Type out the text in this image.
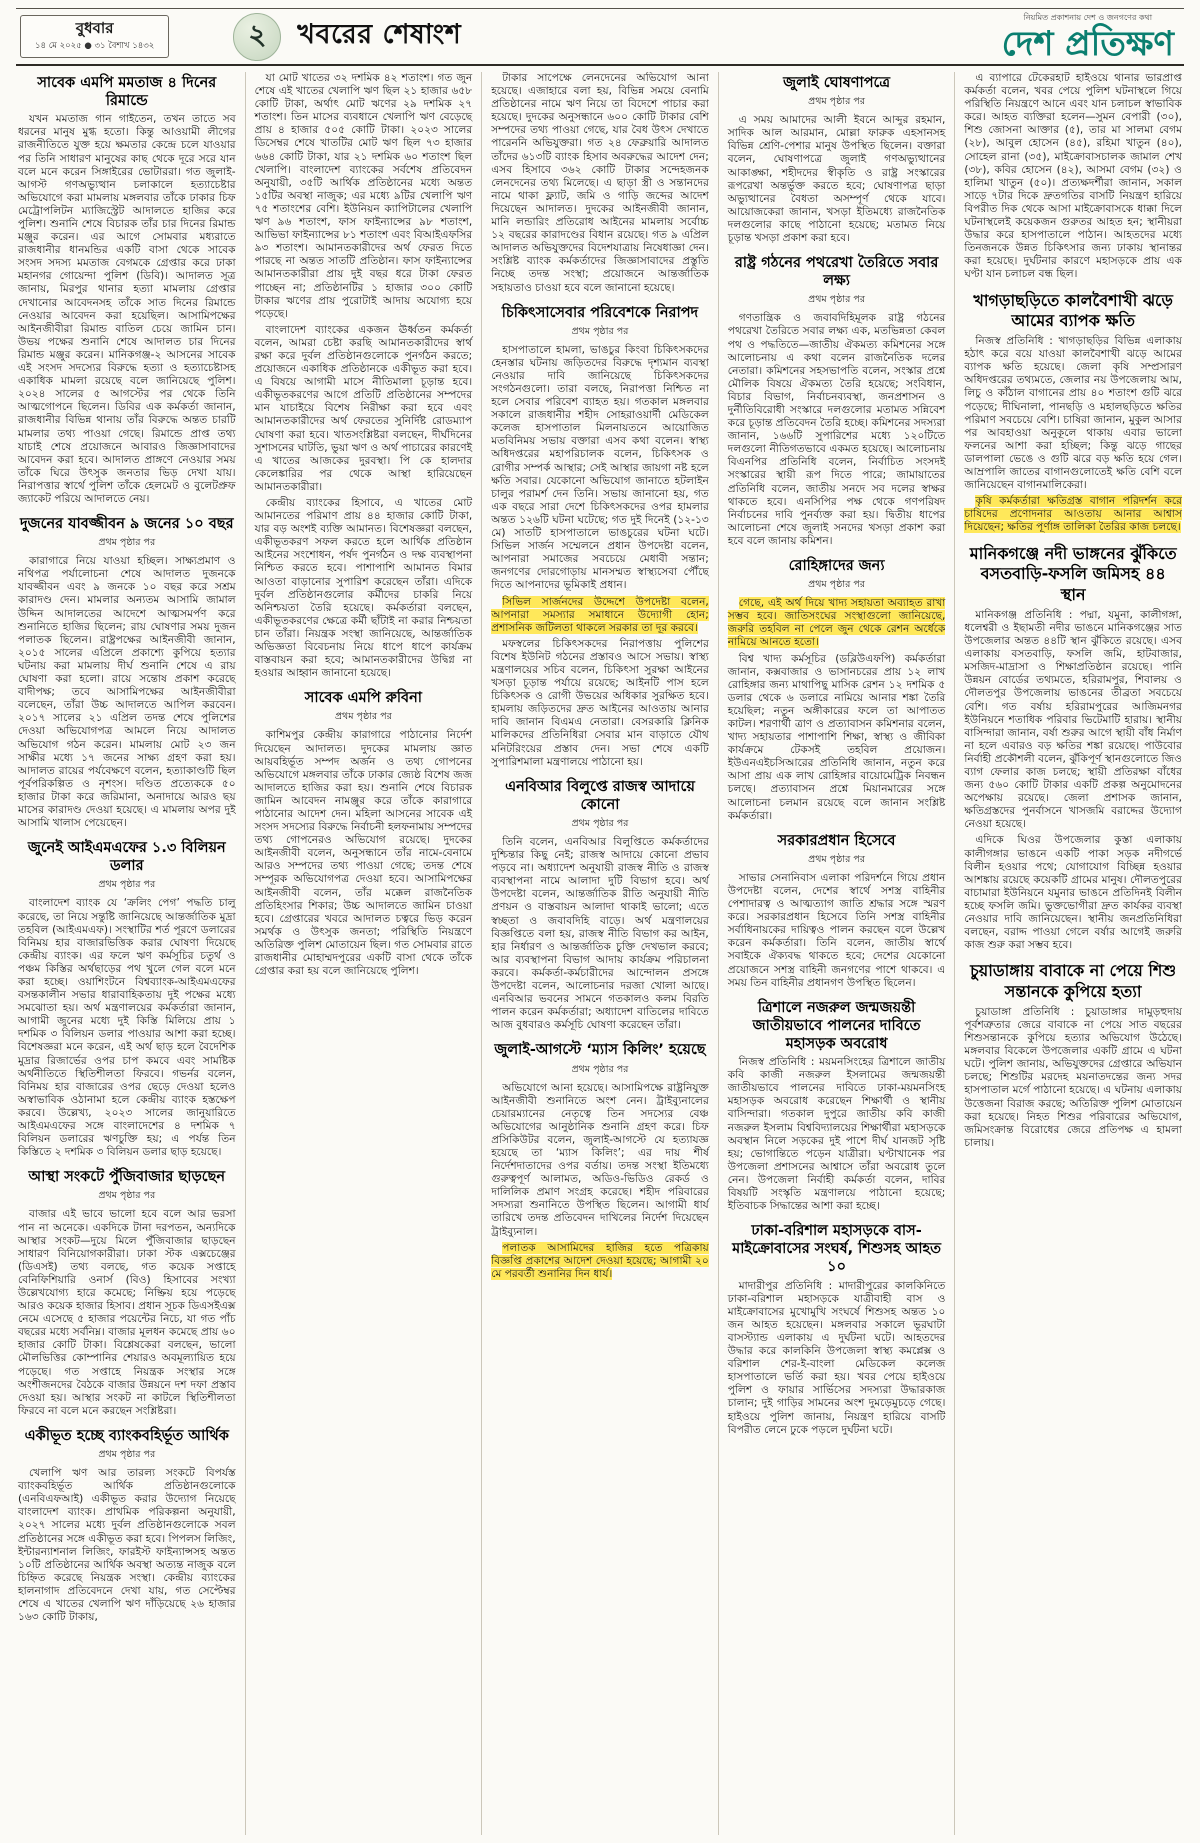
বুধবার
১৪ মে ২০২৫ ● ৩১ বৈশাখ ১৪৩২	২ খবরের শেষাংশ
নিয়মিত প্রকাশনায় দেশ ও জনগণের কথা
দেশ প্রতিক্ষণ
সাবেক এমপি মমতাজ ৪ দিনের রিমান্ডে

যখন মমতাজ গান গাইতেন, তখন তাতে সব ধরনের মানুষ মুগ্ধ হতো। কিন্তু আওয়ামী লীগের রাজনীতিতে যুক্ত হয়ে ক্ষমতার কেন্দ্রে চলে যাওয়ার পর তিনি সাধারণ মানুষের কাছ থেকে দূরে সরে যান বলে মনে করেন সিঙ্গাইরের ভোটাররা। গত জুলাই-আগস্ট গণঅভ্যুত্থান চলাকালে হত্যাচেষ্টার অভিযোগে করা মামলায় মঙ্গলবার তাঁকে ঢাকার চিফ মেট্রোপলিটন ম্যাজিস্ট্রেট আদালতে হাজির করে পুলিশ। শুনানি শেষে বিচারক তাঁর চার দিনের রিমান্ড মঞ্জুর করেন। এর আগে সোমবার মধ্যরাতে রাজধানীর ধানমন্ডির একটি বাসা থেকে সাবেক সংসদ সদস্য মমতাজ বেগমকে গ্রেপ্তার করে ঢাকা মহানগর গোয়েন্দা পুলিশ (ডিবি)। আদালত সূত্র জানায়, মিরপুর থানার হত্যা মামলায় গ্রেপ্তার দেখানোর আবেদনসহ তাঁকে সাত দিনের রিমান্ডে নেওয়ার আবেদন করা হয়েছিল। আসামিপক্ষের আইনজীবীরা রিমান্ড বাতিল চেয়ে জামিন চান। উভয় পক্ষের শুনানি শেষে আদালত চার দিনের রিমান্ড মঞ্জুর করেন। মানিকগঞ্জ-২ আসনের সাবেক এই সংসদ সদস্যের বিরুদ্ধে হত্যা ও হত্যাচেষ্টাসহ একাধিক মামলা রয়েছে বলে জানিয়েছে পুলিশ। ২০২৪ সালের ৫ আগস্টের পর থেকে তিনি আত্মগোপনে ছিলেন। ডিবির এক কর্মকর্তা জানান, রাজধানীর বিভিন্ন থানায় তাঁর বিরুদ্ধে অন্তত চারটি মামলার তথ্য পাওয়া গেছে। রিমান্ডে প্রাপ্ত তথ্য যাচাই শেষে প্রয়োজনে আবারও জিজ্ঞাসাবাদের আবেদন করা হবে। আদালত প্রাঙ্গণে নেওয়ার সময় তাঁকে ঘিরে উৎসুক জনতার ভিড় দেখা যায়। নিরাপত্তার স্বার্থে পুলিশ তাঁকে হেলমেট ও বুলেটপ্রুফ জ্যাকেট পরিয়ে আদালতে নেয়।

দুজনের যাবজ্জীবন ৯ জনের ১০ বছর
প্রথম পৃষ্ঠার পর

কারাগারে নিয়ে যাওয়া হচ্ছিল। সাক্ষ্যপ্রমাণ ও নথিপত্র পর্যালোচনা শেষে আদালত দুজনকে যাবজ্জীবন এবং ৯ জনকে ১০ বছর করে সশ্রম কারাদণ্ড দেন। মামলার অন্যতম আসামি জামাল উদ্দিন আদালতের আদেশে আত্মসমর্পণ করে শুনানিতে হাজির ছিলেন; রায় ঘোষণার সময় দুজন পলাতক ছিলেন। রাষ্ট্রপক্ষের আইনজীবী জানান, ২০১৫ সালের এপ্রিলে প্রকাশ্যে কুপিয়ে হত্যার ঘটনায় করা মামলায় দীর্ঘ শুনানি শেষে এ রায় ঘোষণা করা হলো। রায়ে সন্তোষ প্রকাশ করেছে বাদীপক্ষ; তবে আসামিপক্ষের আইনজীবীরা বলেছেন, তাঁরা উচ্চ আদালতে আপিল করবেন। ২০১৭ সালের ২১ এপ্রিল তদন্ত শেষে পুলিশের দেওয়া অভিযোগপত্র আমলে নিয়ে আদালত অভিযোগ গঠন করেন। মামলায় মোট ২৩ জন সাক্ষীর মধ্যে ১৭ জনের সাক্ষ্য গ্রহণ করা হয়। আদালত রায়ের পর্যবেক্ষণে বলেন, হত্যাকাণ্ডটি ছিল পূর্বপরিকল্পিত ও নৃশংস। দণ্ডিত প্রত্যেককে ৫০ হাজার টাকা করে জরিমানা, অনাদায়ে আরও ছয় মাসের কারাদণ্ড দেওয়া হয়েছে। এ মামলায় অপর দুই আসামি খালাস পেয়েছেন।

জুনেই আইএমএফের ১.৩ বিলিয়ন ডলার
প্রথম পৃষ্ঠার পর

বাংলাদেশ ব্যাংক যে ‘ক্রলিং পেগ’ পদ্ধতি চালু করেছে, তা নিয়ে সন্তুষ্টি জানিয়েছে আন্তর্জাতিক মুদ্রা তহবিল (আইএমএফ)। সংস্থাটির শর্ত পূরণে ডলারের বিনিময় হার বাজারভিত্তিক করার ঘোষণা দিয়েছে কেন্দ্রীয় ব্যাংক। এর ফলে ঋণ কর্মসূচির চতুর্থ ও পঞ্চম কিস্তির অর্থছাড়ের পথ খুলে গেল বলে মনে করা হচ্ছে। ওয়াশিংটনে বিশ্বব্যাংক-আইএমএফের বসন্তকালীন সভার ধারাবাহিকতায় দুই পক্ষের মধ্যে সমঝোতা হয়। অর্থ মন্ত্রণালয়ের কর্মকর্তারা জানান, আগামী জুনের মধ্যে দুই কিস্তি মিলিয়ে প্রায় ১ দশমিক ৩ বিলিয়ন ডলার পাওয়ার আশা করা হচ্ছে। বিশেষজ্ঞরা মনে করেন, এই অর্থ ছাড় হলে বৈদেশিক মুদ্রার রিজার্ভের ওপর চাপ কমবে এবং সামষ্টিক অর্থনীতিতে স্থিতিশীলতা ফিরবে। গভর্নর বলেন, বিনিময় হার বাজারের ওপর ছেড়ে দেওয়া হলেও অস্বাভাবিক ওঠানামা হলে কেন্দ্রীয় ব্যাংক হস্তক্ষেপ করবে। উল্লেখ্য, ২০২৩ সালের জানুয়ারিতে আইএমএফের সঙ্গে বাংলাদেশের ৪ দশমিক ৭ বিলিয়ন ডলারের ঋণচুক্তি হয়; এ পর্যন্ত তিন কিস্তিতে ২ দশমিক ৩ বিলিয়ন ডলার ছাড় হয়েছে।

আস্থা সংকটে পুঁজিবাজার ছাড়ছেন
প্রথম পৃষ্ঠার পর

বাজার এই ভাবে ভালো হবে বলে আর ভরসা পান না অনেকে। একদিকে টানা দরপতন, অন্যদিকে আস্থার সংকট—দুয়ে মিলে পুঁজিবাজার ছাড়ছেন সাধারণ বিনিয়োগকারীরা। ঢাকা স্টক এক্সচেঞ্জের (ডিএসই) তথ্য বলছে, গত কয়েক সপ্তাহে বেনিফিশিয়ারি ওনার্স (বিও) হিসাবের সংখ্যা উল্লেখযোগ্য হারে কমেছে; নিষ্ক্রিয় হয়ে পড়েছে আরও কয়েক হাজার হিসাব। প্রধান সূচক ডিএসইএক্স নেমে এসেছে ৫ হাজার পয়েন্টের নিচে, যা গত পাঁচ বছরের মধ্যে সর্বনিম্ন। বাজার মূলধন কমেছে প্রায় ৬০ হাজার কোটি টাকা। বিশ্লেষকেরা বলছেন, ভালো মৌলভিত্তির কোম্পানির শেয়ারও অবমূল্যায়িত হয়ে পড়েছে। গত সপ্তাহে নিয়ন্ত্রক সংস্থার সঙ্গে অংশীজনদের বৈঠকে বাজার উন্নয়নে দশ দফা প্রস্তাব দেওয়া হয়। আস্থার সংকট না কাটলে স্থিতিশীলতা ফিরবে না বলে মনে করছেন সংশ্লিষ্টরা।

একীভূত হচ্ছে ব্যাংকবহির্ভূত আর্থিক
প্রথম পৃষ্ঠার পর

খেলাপি ঋণ আর তারল্য সংকটে বিপর্যস্ত ব্যাংকবহির্ভূত আর্থিক প্রতিষ্ঠানগুলোকে (এনবিএফআই) একীভূত করার উদ্যোগ নিয়েছে বাংলাদেশ ব্যাংক। প্রাথমিক পরিকল্পনা অনুযায়ী, ২০২৭ সালের মধ্যে দুর্বল প্রতিষ্ঠানগুলোকে সবল প্রতিষ্ঠানের সঙ্গে একীভূত করা হবে। পিপলস লিজিং, ইন্টারন্যাশনাল লিজিং, ফারইস্ট ফাইন্যান্সসহ অন্তত ১০টি প্রতিষ্ঠানের আর্থিক অবস্থা অত্যন্ত নাজুক বলে চিহ্নিত করেছে নিয়ন্ত্রক সংস্থা। কেন্দ্রীয় ব্যাংকের হালনাগাদ প্রতিবেদনে দেখা যায়, গত সেপ্টেম্বর শেষে এ খাতের খেলাপি ঋণ দাঁড়িয়েছে ২৬ হাজার ১৬৩ কোটি টাকায়,

যা মোট খাতের ৩২ দশমিক ৪২ শতাংশ। গত জুন শেষে এই খাতের খেলাপি ঋণ ছিল ২১ হাজার ৬৫৮ কোটি টাকা, অর্থাৎ মোট ঋণের ২৯ দশমিক ২৭ শতাংশ। তিন মাসের ব্যবধানে খেলাপি ঋণ বেড়েছে প্রায় ৪ হাজার ৫০৫ কোটি টাকা। ২০২৩ সালের ডিসেম্বর শেষে খাতটির মোট ঋণ ছিল ৭৩ হাজার ৬৬৪ কোটি টাকা, যার ২১ দশমিক ৬০ শতাংশ ছিল খেলাপি। বাংলাদেশ ব্যাংকের সর্বশেষ প্রতিবেদন অনুযায়ী, ৩৫টি আর্থিক প্রতিষ্ঠানের মধ্যে অন্তত ১৫টির অবস্থা নাজুক; এর মধ্যে ৯টির খেলাপি ঋণ ৭৫ শতাংশের বেশি। ইউনিয়ন ক্যাপিটালের খেলাপি ঋণ ৯৬ শতাংশ, ফাস ফাইন্যান্সের ৯৮ শতাংশ, আভিভা ফাইন্যান্সের ৮১ শতাংশ এবং বিআইএফসির ৯৩ শতাংশ। আমানতকারীদের অর্থ ফেরত দিতে পারছে না অন্তত সাতটি প্রতিষ্ঠান। ফাস ফাইন্যান্সের আমানতকারীরা প্রায় দুই বছর ধরে টাকা ফেরত পাচ্ছেন না; প্রতিষ্ঠানটির ১ হাজার ৩০০ কোটি টাকার ঋণের প্রায় পুরোটাই আদায় অযোগ্য হয়ে পড়েছে।

বাংলাদেশ ব্যাংকের একজন ঊর্ধ্বতন কর্মকর্তা বলেন, আমরা চেষ্টা করছি আমানতকারীদের স্বার্থ রক্ষা করে দুর্বল প্রতিষ্ঠানগুলোকে পুনর্গঠন করতে; প্রয়োজনে একাধিক প্রতিষ্ঠানকে একীভূত করা হবে। এ বিষয়ে আগামী মাসে নীতিমালা চূড়ান্ত হবে। একীভূতকরণের আগে প্রতিটি প্রতিষ্ঠানের সম্পদের মান যাচাইয়ে বিশেষ নিরীক্ষা করা হবে এবং আমানতকারীদের অর্থ ফেরতের সুনির্দিষ্ট রোডম্যাপ ঘোষণা করা হবে। খাতসংশ্লিষ্টরা বলছেন, দীর্ঘদিনের সুশাসনের ঘাটতি, ভুয়া ঋণ ও অর্থ পাচারের কারণেই এ খাতের আজকের দুরবস্থা। পি কে হালদার কেলেঙ্কারির পর থেকে আস্থা হারিয়েছেন আমানতকারীরা।

কেন্দ্রীয় ব্যাংকের হিসাবে, এ খাতের মোট আমানতের পরিমাণ প্রায় ৪৪ হাজার কোটি টাকা, যার বড় অংশই ব্যক্তি আমানত। বিশেষজ্ঞরা বলছেন, একীভূতকরণ সফল করতে হলে আর্থিক প্রতিষ্ঠান আইনের সংশোধন, পর্ষদ পুনর্গঠন ও দক্ষ ব্যবস্থাপনা নিশ্চিত করতে হবে। পাশাপাশি আমানত বিমার আওতা বাড়ানোর সুপারিশ করেছেন তাঁরা। এদিকে দুর্বল প্রতিষ্ঠানগুলোর কর্মীদের চাকরি নিয়ে অনিশ্চয়তা তৈরি হয়েছে। কর্মকর্তারা বলছেন, একীভূতকরণের ক্ষেত্রে কর্মী ছাঁটাই না করার নিশ্চয়তা চান তাঁরা। নিয়ন্ত্রক সংস্থা জানিয়েছে, আন্তর্জাতিক অভিজ্ঞতা বিবেচনায় নিয়ে ধাপে ধাপে কার্যক্রম বাস্তবায়ন করা হবে; আমানতকারীদের উদ্বিগ্ন না হওয়ার আহ্বান জানানো হয়েছে।

সাবেক এমপি রুবিনা
প্রথম পৃষ্ঠার পর

কাশিমপুর কেন্দ্রীয় কারাগারে পাঠানোর নির্দেশ দিয়েছেন আদালত। দুদকের মামলায় জ্ঞাত আয়বহির্ভূত সম্পদ অর্জন ও তথ্য গোপনের অভিযোগে মঙ্গলবার তাঁকে ঢাকার জ্যেষ্ঠ বিশেষ জজ আদালতে হাজির করা হয়। শুনানি শেষে বিচারক জামিন আবেদন নামঞ্জুর করে তাঁকে কারাগারে পাঠানোর আদেশ দেন। মহিলা আসনের সাবেক এই সংসদ সদস্যের বিরুদ্ধে নির্বাচনী হলফনামায় সম্পদের তথ্য গোপনেরও অভিযোগ রয়েছে। দুদকের আইনজীবী বলেন, অনুসন্ধানে তাঁর নামে-বেনামে আরও সম্পদের তথ্য পাওয়া গেছে; তদন্ত শেষে সম্পূরক অভিযোগপত্র দেওয়া হবে। আসামিপক্ষের আইনজীবী বলেন, তাঁর মক্কেল রাজনৈতিক প্রতিহিংসার শিকার; উচ্চ আদালতে জামিন চাওয়া হবে। গ্রেপ্তারের খবরে আদালত চত্বরে ভিড় করেন সমর্থক ও উৎসুক জনতা; পরিস্থিতি নিয়ন্ত্রণে অতিরিক্ত পুলিশ মোতায়েন ছিল। গত সোমবার রাতে রাজধানীর মোহাম্মদপুরের একটি বাসা থেকে তাঁকে গ্রেপ্তার করা হয় বলে জানিয়েছে পুলিশ।

টাকার সাপেক্ষে লেনদেনের অভিযোগ আনা হয়েছে। এজাহারে বলা হয়, বিভিন্ন সময়ে বেনামি প্রতিষ্ঠানের নামে ঋণ নিয়ে তা বিদেশে পাচার করা হয়েছে। দুদকের অনুসন্ধানে ৬০০ কোটি টাকার বেশি সম্পদের তথ্য পাওয়া গেছে, যার বৈধ উৎস দেখাতে পারেননি অভিযুক্তরা। গত ২৪ ফেব্রুয়ারি আদালত তাঁদের ৬১৩টি ব্যাংক হিসাব অবরুদ্ধের আদেশ দেন; এসব হিসাবে ৩৬২ কোটি টাকার সন্দেহজনক লেনদেনের তথ্য মিলেছে। এ ছাড়া স্ত্রী ও সন্তানদের নামে থাকা ফ্ল্যাট, জমি ও গাড়ি জব্দের আদেশ দিয়েছেন আদালত। দুদকের আইনজীবী জানান, মানি লন্ডারিং প্রতিরোধ আইনের মামলায় সর্বোচ্চ ১২ বছরের কারাদণ্ডের বিধান রয়েছে। গত ৯ এপ্রিল আদালত অভিযুক্তদের বিদেশযাত্রায় নিষেধাজ্ঞা দেন। সংশ্লিষ্ট ব্যাংক কর্মকর্তাদের জিজ্ঞাসাবাদের প্রস্তুতি নিচ্ছে তদন্ত সংস্থা; প্রয়োজনে আন্তর্জাতিক সহায়তাও চাওয়া হবে বলে জানানো হয়েছে।

চিকিৎসাসেবার পরিবেশকে নিরাপদ
প্রথম পৃষ্ঠার পর

হাসপাতালে হামলা, ভাঙচুর কিংবা চিকিৎসকদের হেনস্তার ঘটনায় জড়িতদের বিরুদ্ধে দৃশ্যমান ব্যবস্থা নেওয়ার দাবি জানিয়েছে চিকিৎসকদের সংগঠনগুলো। তারা বলছে, নিরাপত্তা নিশ্চিত না হলে সেবার পরিবেশ ব্যাহত হয়। গতকাল মঙ্গলবার সকালে রাজধানীর শহীদ সোহরাওয়ার্দী মেডিকেল কলেজ হাসপাতাল মিলনায়তনে আয়োজিত মতবিনিময় সভায় বক্তারা এসব কথা বলেন। স্বাস্থ্য অধিদপ্তরের মহাপরিচালক বলেন, চিকিৎসক ও রোগীর সম্পর্ক আস্থার; সেই আস্থার জায়গা নষ্ট হলে ক্ষতি সবার। যেকোনো অভিযোগ জানাতে হটলাইন চালুর পরামর্শ দেন তিনি। সভায় জানানো হয়, গত এক বছরে সারা দেশে চিকিৎসকদের ওপর হামলার অন্তত ১২৬টি ঘটনা ঘটেছে; গত দুই দিনেই (১২-১৩ মে) সাতটি হাসপাতালে ভাঙচুরের ঘটনা ঘটে। সিভিল সার্জন সম্মেলনে প্রধান উপদেষ্টা বলেন, আপনারা সমাজের সবচেয়ে মেধাবী সন্তান; জনগণের দোরগোড়ায় মানসম্মত স্বাস্থ্যসেবা পৌঁছে দিতে আপনাদের ভূমিকাই প্রধান।

সিভিল সার্জনদের উদ্দেশে উপদেষ্টা বলেন, আপনারা সমস্যার সমাধানে উদ্যোগী হোন; প্রশাসনিক জটিলতা থাকলে সরকার তা দূর করবে।

মফস্বলের চিকিৎসকদের নিরাপত্তায় পুলিশের বিশেষ ইউনিট গঠনের প্রস্তাবও আসে সভায়। স্বাস্থ্য মন্ত্রণালয়ের সচিব বলেন, চিকিৎসা সুরক্ষা আইনের খসড়া চূড়ান্ত পর্যায়ে রয়েছে; আইনটি পাস হলে চিকিৎসক ও রোগী উভয়ের অধিকার সুরক্ষিত হবে। হামলায় জড়িতদের দ্রুত আইনের আওতায় আনার দাবি জানান বিএমএ নেতারা। বেসরকারি ক্লিনিক মালিকদের প্রতিনিধিরা সেবার মান বাড়াতে যৌথ মনিটরিংয়ের প্রস্তাব দেন। সভা শেষে একটি সুপারিশমালা মন্ত্রণালয়ে পাঠানো হয়।

এনবিআর বিলুপ্তে রাজস্ব আদায়ে কোনো
প্রথম পৃষ্ঠার পর

তিনি বলেন, এনবিআর বিলুপ্তিতে কর্মকর্তাদের দুশ্চিন্তার কিছু নেই; রাজস্ব আদায়ে কোনো প্রভাব পড়বে না। অধ্যাদেশ অনুযায়ী রাজস্ব নীতি ও রাজস্ব ব্যবস্থাপনা নামে আলাদা দুটি বিভাগ হবে। অর্থ উপদেষ্টা বলেন, আন্তর্জাতিক রীতি অনুযায়ী নীতি প্রণয়ন ও বাস্তবায়ন আলাদা থাকাই ভালো; এতে স্বচ্ছতা ও জবাবদিহি বাড়ে। অর্থ মন্ত্রণালয়ের বিজ্ঞপ্তিতে বলা হয়, রাজস্ব নীতি বিভাগ কর আইন, হার নির্ধারণ ও আন্তর্জাতিক চুক্তি দেখভাল করবে; আর ব্যবস্থাপনা বিভাগ আদায় কার্যক্রম পরিচালনা করবে। কর্মকর্তা-কর্মচারীদের আন্দোলন প্রসঙ্গে উপদেষ্টা বলেন, আলোচনার দরজা খোলা আছে। এনবিআর ভবনের সামনে গতকালও কলম বিরতি পালন করেন কর্মকর্তারা; অধ্যাদেশ বাতিলের দাবিতে আজ বুধবারও কর্মসূচি ঘোষণা করেছেন তাঁরা।

জুলাই-আগস্টে ‘ম্যাস কিলিং’ হয়েছে
প্রথম পৃষ্ঠার পর

অভিযোগে আনা হয়েছে। আসামিপক্ষে রাষ্ট্রনিযুক্ত আইনজীবী শুনানিতে অংশ নেন। ট্রাইব্যুনালের চেয়ারম্যানের নেতৃত্বে তিন সদস্যের বেঞ্চ অভিযোগের আনুষ্ঠানিক শুনানি গ্রহণ করে। চিফ প্রসিকিউটর বলেন, জুলাই-আগস্টে যে হত্যাযজ্ঞ হয়েছে তা ‘ম্যাস কিলিং’; এর দায় শীর্ষ নির্দেশদাতাদের ওপর বর্তায়। তদন্ত সংস্থা ইতিমধ্যে গুরুত্বপূর্ণ আলামত, অডিও-ভিডিও রেকর্ড ও দালিলিক প্রমাণ সংগ্রহ করেছে। শহীদ পরিবারের সদস্যরা শুনানিতে উপস্থিত ছিলেন। আগামী ধার্য তারিখে তদন্ত প্রতিবেদন দাখিলের নির্দেশ দিয়েছেন ট্রাইব্যুনাল।

পলাতক আসামিদের হাজির হতে পত্রিকায় বিজ্ঞপ্তি প্রকাশের আদেশ দেওয়া হয়েছে; আগামী ২০ মে পরবর্তী শুনানির দিন ধার্য।

জুলাই ঘোষণাপত্রে
প্রথম পৃষ্ঠার পর

এ সময় আমাদের আলী ইবনে আব্দুর রহমান, সাদিক আল আরমান, মোল্লা ফারুক এহসানসহ বিভিন্ন শ্রেণি-পেশার মানুষ উপস্থিত ছিলেন। বক্তারা বলেন, ঘোষণাপত্রে জুলাই গণঅভ্যুত্থানের আকাঙ্ক্ষা, শহীদদের স্বীকৃতি ও রাষ্ট্র সংস্কারের রূপরেখা অন্তর্ভুক্ত করতে হবে; ঘোষণাপত্র ছাড়া অভ্যুত্থানের বৈধতা অসম্পূর্ণ থেকে যাবে। আয়োজকেরা জানান, খসড়া ইতিমধ্যে রাজনৈতিক দলগুলোর কাছে পাঠানো হয়েছে; মতামত নিয়ে চূড়ান্ত খসড়া প্রকাশ করা হবে।

রাষ্ট্র গঠনের পথরেখা তৈরিতে সবার লক্ষ্য
প্রথম পৃষ্ঠার পর

গণতান্ত্রিক ও জবাবদিহিমূলক রাষ্ট্র গঠনের পথরেখা তৈরিতে সবার লক্ষ্য এক, মতভিন্নতা কেবল পথ ও পদ্ধতিতে—জাতীয় ঐকমত্য কমিশনের সঙ্গে আলোচনায় এ কথা বলেন রাজনৈতিক দলের নেতারা। কমিশনের সহসভাপতি বলেন, সংস্কার প্রশ্নে মৌলিক বিষয়ে ঐকমত্য তৈরি হয়েছে; সংবিধান, বিচার বিভাগ, নির্বাচনব্যবস্থা, জনপ্রশাসন ও দুর্নীতিবিরোধী সংস্কারে দলগুলোর মতামত সন্নিবেশ করে চূড়ান্ত প্রতিবেদন তৈরি হচ্ছে। কমিশনের সদস্যরা জানান, ১৬৬টি সুপারিশের মধ্যে ১২০টিতে দলগুলো নীতিগতভাবে একমত হয়েছে। আলোচনায় বিএনপির প্রতিনিধি বলেন, নির্বাচিত সংসদই সংস্কারের স্থায়ী রূপ দিতে পারে; জামায়াতের প্রতিনিধি বলেন, জাতীয় সনদে সব দলের স্বাক্ষর থাকতে হবে। এনসিপির পক্ষ থেকে গণপরিষদ নির্বাচনের দাবি পুনর্ব্যক্ত করা হয়। দ্বিতীয় ধাপের আলোচনা শেষে জুলাই সনদের খসড়া প্রকাশ করা হবে বলে জানায় কমিশন।

রোহিঙ্গাদের জন্য
প্রথম পৃষ্ঠার পর

গেছে, এই অর্থ দিয়ে খাদ্য সহায়তা অব্যাহত রাখা সম্ভব হবে। জাতিসংঘের সংস্থাগুলো জানিয়েছে, জরুরি তহবিল না পেলে জুন থেকে রেশন অর্ধেকে নামিয়ে আনতে হতো।

বিশ্ব খাদ্য কর্মসূচির (ডব্লিউএফপি) কর্মকর্তারা জানান, কক্সবাজার ও ভাসানচরের প্রায় ১২ লাখ রোহিঙ্গার জন্য মাথাপিছু মাসিক রেশন ১২ দশমিক ৫ ডলার থেকে ৬ ডলারে নামিয়ে আনার শঙ্কা তৈরি হয়েছিল; নতুন অঙ্গীকারের ফলে তা আপাতত কাটল। শরণার্থী ত্রাণ ও প্রত্যাবাসন কমিশনার বলেন, খাদ্য সহায়তার পাশাপাশি শিক্ষা, স্বাস্থ্য ও জীবিকা কার্যক্রমে টেকসই তহবিল প্রয়োজন। ইউএনএইচসিআরের প্রতিনিধি জানান, নতুন করে আসা প্রায় এক লাখ রোহিঙ্গার বায়োমেট্রিক নিবন্ধন চলছে। প্রত্যাবাসন প্রশ্নে মিয়ানমারের সঙ্গে আলোচনা চলমান রয়েছে বলে জানান সংশ্লিষ্ট কর্মকর্তারা।

সরকারপ্রধান হিসেবে
প্রথম পৃষ্ঠার পর

সাভার সেনানিবাস এলাকা পরিদর্শনে গিয়ে প্রধান উপদেষ্টা বলেন, দেশের স্বার্থে সশস্ত্র বাহিনীর পেশাদারত্ব ও আত্মত্যাগ জাতি শ্রদ্ধার সঙ্গে স্মরণ করে। সরকারপ্রধান হিসেবে তিনি সশস্ত্র বাহিনীর সর্বাধিনায়কের দায়িত্বও পালন করছেন বলে উল্লেখ করেন কর্মকর্তারা। তিনি বলেন, জাতীয় স্বার্থে সবাইকে ঐক্যবদ্ধ থাকতে হবে; দেশের যেকোনো প্রয়োজনে সশস্ত্র বা‌হিনী জনগণের পাশে থাকবে। এ সময় তিন বাহিনীর প্রধানগণ উপস্থিত ছিলেন।

ত্রিশালে নজরুল জন্মজয়ন্তী জাতীয়ভাবে পালনের দাবিতে মহাসড়ক অবরোধ

নিজস্ব প্রতিনিধি : ময়মনসিংহের ত্রিশালে জাতীয় কবি কাজী নজরুল ইসলামের জন্মজয়ন্তী জাতীয়ভাবে পালনের দাবিতে ঢাকা-ময়মনসিংহ মহাসড়ক অবরোধ করেছেন শিক্ষার্থী ও স্থানীয় বাসিন্দারা। গতকাল দুপুরে জাতীয় কবি কাজী নজরুল ইসলাম বিশ্ববিদ্যালয়ের শিক্ষার্থীরা মহাসড়কে অবস্থান নিলে সড়কের দুই পাশে দীর্ঘ যানজট সৃষ্টি হয়; ভোগান্তিতে পড়েন যাত্রীরা। ঘণ্টাখানেক পর উপজেলা প্রশাসনের আশ্বাসে তাঁরা অবরোধ তুলে নেন। উপজেলা নির্বাহী কর্মকর্তা বলেন, দাবির বিষয়টি সংস্কৃতি মন্ত্রণালয়ে পাঠানো হয়েছে; ইতিবাচক সিদ্ধান্তের আশা করা হচ্ছে।

ঢাকা-বরিশাল মহাসড়কে বাস-মাইক্রোবাসের সংঘর্ষ, শিশুসহ আহত ১০

মাদারীপুর প্রতিনিধি : মাদারীপুরের কালকিনিতে ঢাকা-বরিশাল মহাসড়কে যাত্রীবাহী বাস ও মাইক্রোবাসের মুখোমুখি সংঘর্ষে শিশুসহ অন্তত ১০ জন আহত হয়েছেন। মঙ্গলবার সকালে ভূরঘাটা বাসস্ট্যান্ড এলাকায় এ দুর্ঘটনা ঘটে। আহতদের উদ্ধার করে কালকিনি উপজেলা স্বাস্থ্য কমপ্লেক্স ও বরিশাল শের-ই-বাংলা মেডিকেল কলেজ হাসপাতালে ভর্তি করা হয়। খবর পেয়ে হাইওয়ে পুলিশ ও ফায়ার সার্ভিসের সদস্যরা উদ্ধারকাজ চালান; দুই গাড়ির সামনের অংশ দুমড়েমুচড়ে গেছে। হাইওয়ে পুলিশ জানায়, নিয়ন্ত্রণ হারিয়ে বাসটি বিপরীত লেনে ঢুকে পড়লে দুর্ঘটনা ঘটে।

এ ব্যাপারে টেকেরহাট হাইওয়ে থানার ভারপ্রাপ্ত কর্মকর্তা বলেন, খবর পেয়ে পুলিশ ঘটনাস্থলে গিয়ে পরিস্থিতি নিয়ন্ত্রণে আনে এবং যান চলাচল স্বাভাবিক করে। আহত ব্যক্তিরা হলেন—সুমন বেপারী (৩০), শিশু জোসনা আক্তার (৫), তার মা সালমা বেগম (২৮), আবুল হোসেন (৪৫), রহিমা খাতুন (৪০), সোহেল রানা (৩৫), মাইক্রোবাসচালক জামাল শেখ (৩৮), কবির হোসেন (৪২), আসমা বেগম (৩২) ও হালিমা খাতুন (৫০)। প্রত্যক্ষদর্শীরা জানান, সকাল সাড়ে ৭টার দিকে দ্রুতগতির বাসটি নিয়ন্ত্রণ হারিয়ে বিপরীত দিক থেকে আসা মাইক্রোবাসকে ধাক্কা দিলে ঘটনাস্থলেই কয়েকজন গুরুতর আহত হন; স্থানীয়রা উদ্ধার করে হাসপাতালে পাঠান। আহতদের মধ্যে তিনজনকে উন্নত চিকিৎসার জন্য ঢাকায় স্থানান্তর করা হয়েছে। দুর্ঘটনার কারণে মহাসড়কে প্রায় এক ঘণ্টা যান চলাচল বন্ধ ছিল।

খাগড়াছড়িতে কালবৈশাখী ঝড়ে আমের ব্যাপক ক্ষতি

নিজস্ব প্রতিনিধি : খাগড়াছড়ির বিভিন্ন এলাকায় হঠাৎ করে বয়ে যাওয়া কালবৈশাখী ঝড়ে আমের ব্যাপক ক্ষতি হয়েছে। জেলা কৃষি সম্প্রসারণ অধিদপ্তরের তথ্যমতে, জেলার নয় উপজেলায় আম, লিচু ও কাঁঠাল বাগানের প্রায় ৪০ শতাংশ গুটি ঝরে পড়েছে; দীঘিনালা, পানছড়ি ও মহালছড়িতে ক্ষতির পরিমাণ সবচেয়ে বেশি। চাষিরা জানান, মুকুল আসার পর আবহাওয়া অনুকূলে থাকায় এবার ভালো ফলনের আশা করা হচ্ছিল; কিন্তু ঝড়ে গাছের ডালপালা ভেঙে ও গুটি ঝরে বড় ক্ষতি হয়ে গেল। আম্রপালি জাতের বাগানগুলোতেই ক্ষতি বেশি বলে জানিয়েছেন বাগানমালিকেরা।

কৃষি কর্মকর্তারা ক্ষতিগ্রস্ত বাগান পরিদর্শন করে চাষিদের প্রণোদনার আওতায় আনার আশ্বাস দিয়েছেন; ক্ষতির পূর্ণাঙ্গ তালিকা তৈরির কাজ চলছে।

মানিকগঞ্জে নদী ভাঙ্গনের ঝুঁকিতে বসতবাড়ি-ফসলি জমিসহ ৪৪ স্থান

মানিকগঞ্জ প্রতিনিধি : পদ্মা, যমুনা, কালীগঙ্গা, ধলেশ্বরী ও ইছামতী নদীর ভাঙনে মানিকগঞ্জের সাত উপজেলার অন্তত ৪৪টি স্থান ঝুঁকিতে রয়েছে। এসব এলাকায় বসতবাড়ি, ফসলি জমি, হাটবাজার, মসজিদ-মাদ্রাসা ও শিক্ষাপ্রতিষ্ঠান রয়েছে। পানি উন্নয়ন বোর্ডের তথ্যমতে, হরিরামপুর, শিবালয় ও দৌলতপুর উপজেলায় ভাঙনের তীব্রতা সবচেয়ে বেশি। গত বর্ষায় হরিরামপুরের আজিমনগর ইউনিয়নে শতাধিক পরিবার ভিটেমাটি হারায়। স্থানীয় বাসিন্দারা জানান, বর্ষা শুরুর আগে স্থায়ী বাঁধ নির্মাণ না হলে এবারও বড় ক্ষতির শঙ্কা রয়েছে। পাউবোর নির্বাহী প্রকৌশলী বলেন, ঝুঁকিপূর্ণ স্থানগুলোতে জিও ব্যাগ ফেলার কাজ চলছে; স্থায়ী প্রতিরক্ষা বাঁধের জন্য ৫৬০ কোটি টাকার একটি প্রকল্প অনুমোদনের অপেক্ষায় রয়েছে। জেলা প্রশাসক জানান, ক্ষতিগ্রস্তদের পুনর্বাসনে খাসজমি বরাদ্দের উদ্যোগ নেওয়া হয়েছে।

এদিকে ঘিওর উপজেলার কুস্তা এলাকায় কালীগঙ্গার ভাঙনে একটি পাকা সড়ক নদীগর্ভে বিলীন হওয়ার পথে; যোগাযোগ বিচ্ছিন্ন হওয়ার আশঙ্কায় রয়েছে কয়েকটি গ্রামের মানুষ। দৌলতপুরের বাচামারা ইউনিয়নে যমুনার ভাঙনে প্রতিদিনই বিলীন হচ্ছে ফসলি জমি। ভুক্তভোগীরা দ্রুত কার্যকর ব্যবস্থা নেওয়ার দাবি জানিয়েছেন। স্থানীয় জনপ্রতিনিধিরা বলছেন, বরাদ্দ পাওয়া গেলে বর্ষার আগেই জরুরি কাজ শুরু করা সম্ভব হবে।

চুয়াডাঙ্গায় বাবাকে না পেয়ে শিশু সন্তানকে কুপিয়ে হত্যা

চুয়াডাঙ্গা প্রতিনিধি : চুয়াডাঙ্গার দামুড়হুদায় পূর্বশত্রুতার জেরে বাবাকে না পেয়ে সাত বছরের শিশুসন্তানকে কুপিয়ে হত্যার অভিযোগ উঠেছে। মঙ্গলবার বিকেলে উপজেলার একটি গ্রামে এ ঘটনা ঘটে। পুলিশ জানায়, অভিযুক্তদের গ্রেপ্তারে অভিযান চলছে; শিশুটির মরদেহ ময়নাতদন্তের জন্য সদর হাসপাতাল মর্গে পাঠানো হয়েছে। এ ঘটনায় এলাকায় উত্তেজনা বিরাজ করছে; অতিরিক্ত পুলিশ মোতায়েন করা হয়েছে। নিহত শিশুর পরিবারের অভিযোগ, জমিসংক্রান্ত বিরোধের জেরে প্রতিপক্ষ এ হামলা চালায়।
